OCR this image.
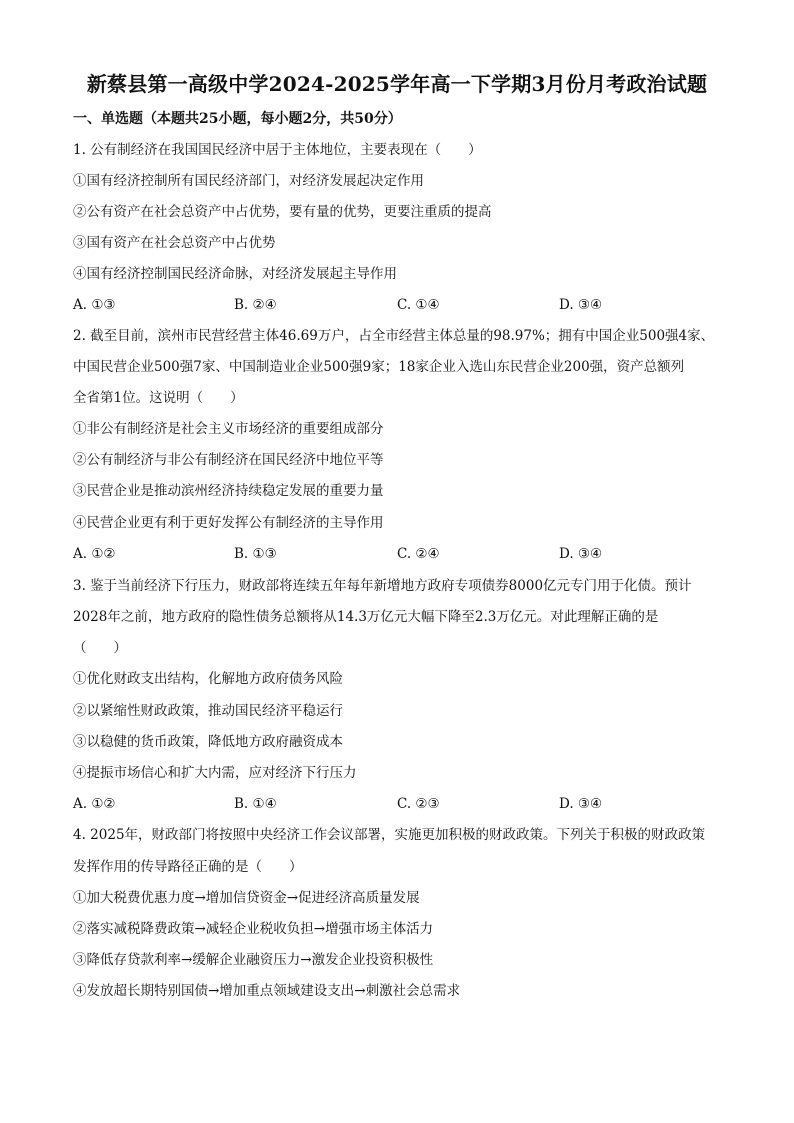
新蔡县第一高级中学2024-2025学年高一下学期3月份月考政治试题
一、单选题（本题共25小题，每小题2分，共50分）
1. 公有制经济在我国国民经济中居于主体地位，主要表现在（　　）
①国有经济控制所有国民经济部门，对经济发展起决定作用
②公有资产在社会总资产中占优势，要有量的优势，更要注重质的提高
③国有资产在社会总资产中占优势
④国有经济控制国民经济命脉，对经济发展起主导作用
A. ①③	B. ②④	C. ①④	D. ③④
2. 截至目前，滨州市民营经营主体46.69万户，占全市经营主体总量的98.97%；拥有中国企业500强4家、
中国民营企业500强7家、中国制造业企业500强9家；18家企业入选山东民营企业200强，资产总额列
全省第1位。这说明（　　）
①非公有制经济是社会主义市场经济的重要组成部分
②公有制经济与非公有制经济在国民经济中地位平等
③民营企业是推动滨州经济持续稳定发展的重要力量
④民营企业更有利于更好发挥公有制经济的主导作用
A. ①②	B. ①③	C. ②④	D. ③④
3. 鉴于当前经济下行压力，财政部将连续五年每年新增地方政府专项债券8000亿元专门用于化债。预计
2028年之前，地方政府的隐性债务总额将从14.3万亿元大幅下降至2.3万亿元。对此理解正确的是
（　　）
①优化财政支出结构，化解地方政府债务风险
②以紧缩性财政政策，推动国民经济平稳运行
③以稳健的货币政策，降低地方政府融资成本
④提振市场信心和扩大内需，应对经济下行压力
A. ①②	B. ①④	C. ②③	D. ③④
4. 2025年，财政部门将按照中央经济工作会议部署，实施更加积极的财政政策。下列关于积极的财政政策
发挥作用的传导路径正确的是（　　）
①加大税费优惠力度→增加信贷资金→促进经济高质量发展
②落实减税降费政策→减轻企业税收负担→增强市场主体活力
③降低存贷款利率→缓解企业融资压力→激发企业投资积极性
④发放超长期特别国债→增加重点领域建设支出→刺激社会总需求
